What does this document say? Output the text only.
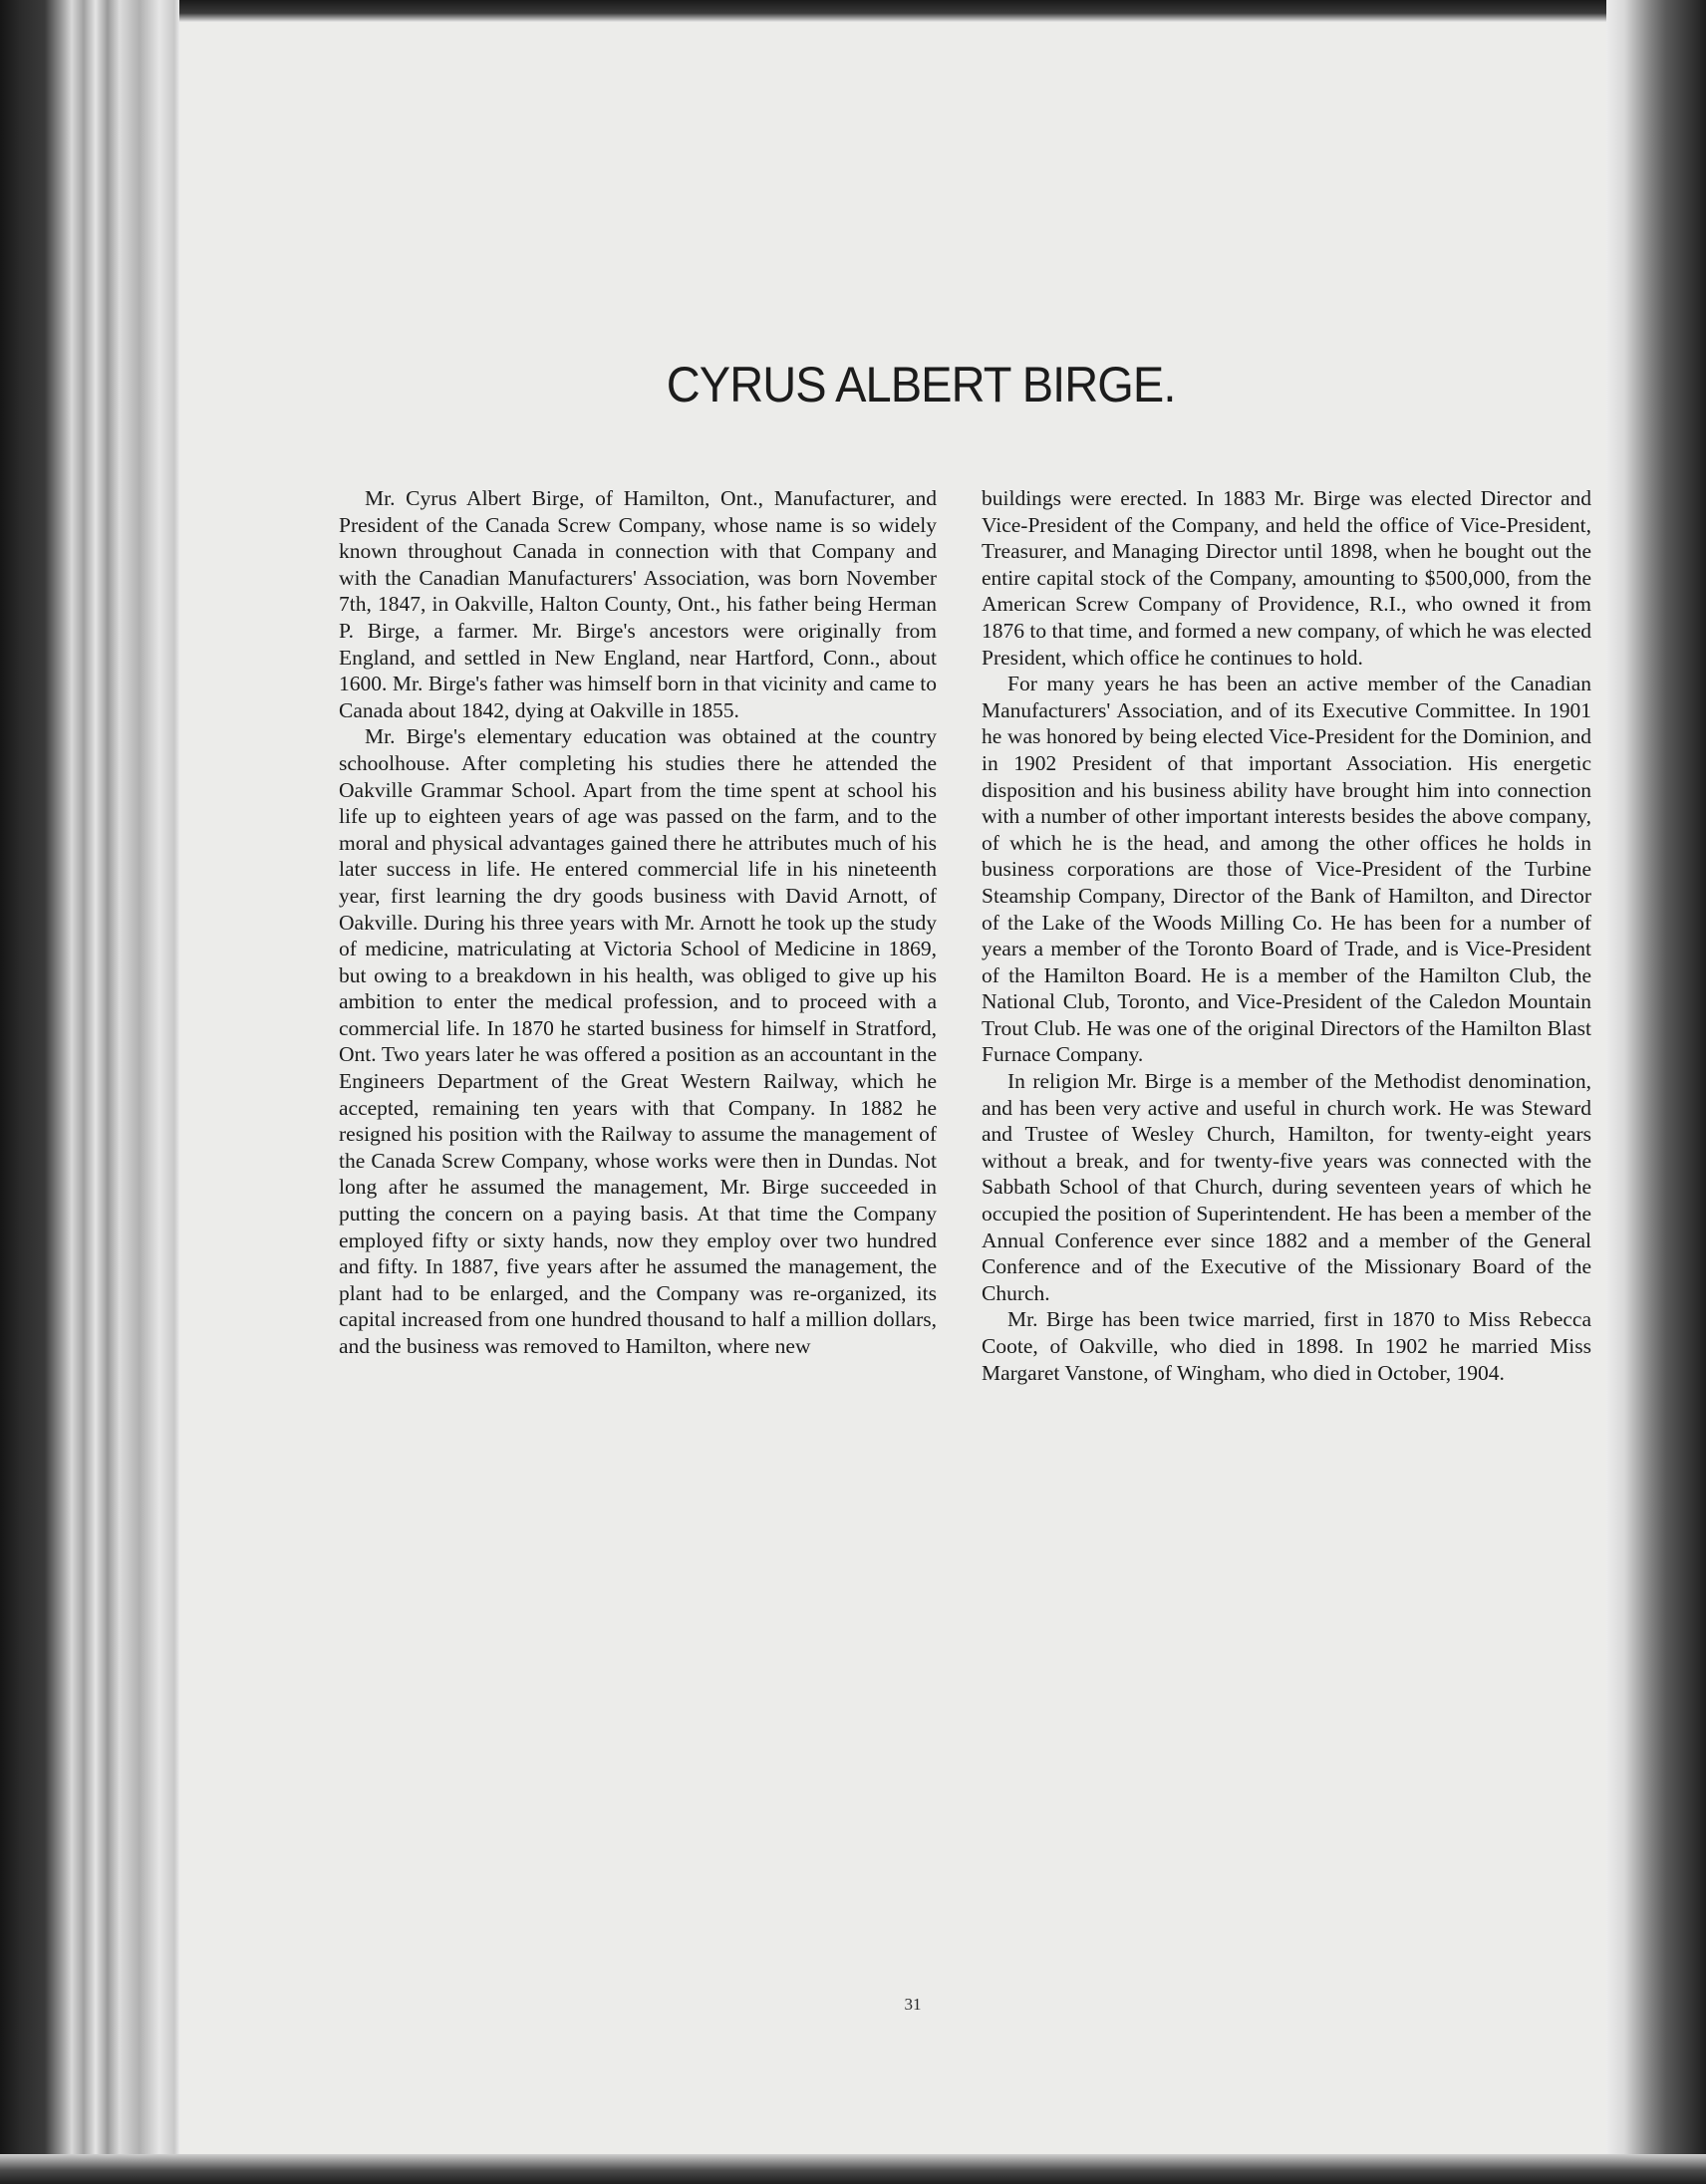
CYRUS ALBERT BIRGE.

Mr. Cyrus Albert Birge, of Hamilton, Ont., Manufacturer, and President of the Canada Screw Company, whose name is so widely known throughout Canada in connection with that Company and with the Canadian Manufacturers' Association, was born November 7th, 1847, in Oakville, Halton County, Ont., his father being Herman P. Birge, a farmer. Mr. Birge's ancestors were originally from England, and settled in New England, near Hartford, Conn., about 1600. Mr. Birge's father was himself born in that vicinity and came to Canada about 1842, dying at Oakville in 1855.

Mr. Birge's elementary education was obtained at the country schoolhouse. After completing his studies there he attended the Oakville Grammar School. Apart from the time spent at school his life up to eighteen years of age was passed on the farm, and to the moral and physical advantages gained there he attributes much of his later success in life. He entered commercial life in his nineteenth year, first learning the dry goods business with David Arnott, of Oakville. During his three years with Mr. Arnott he took up the study of medicine, matriculating at Victoria School of Medicine in 1869, but owing to a breakdown in his health, was obliged to give up his ambition to enter the medical profession, and to proceed with a commercial life. In 1870 he started business for himself in Stratford, Ont. Two years later he was offered a position as an accountant in the Engineers Department of the Great Western Railway, which he accepted, remaining ten years with that Company. In 1882 he resigned his position with the Railway to assume the management of the Canada Screw Company, whose works were then in Dundas. Not long after he assumed the management, Mr. Birge succeeded in putting the concern on a paying basis. At that time the Company employed fifty or sixty hands, now they employ over two hundred and fifty. In 1887, five years after he assumed the management, the plant had to be enlarged, and the Company was re-organized, its capital increased from one hundred thousand to half a million dollars, and the business was removed to Hamilton, where new

buildings were erected. In 1883 Mr. Birge was elected Director and Vice-President of the Company, and held the office of Vice-President, Treasurer, and Managing Director until 1898, when he bought out the entire capital stock of the Company, amounting to $500,000, from the American Screw Company of Providence, R.I., who owned it from 1876 to that time, and formed a new company, of which he was elected President, which office he continues to hold.

For many years he has been an active member of the Canadian Manufacturers' Association, and of its Executive Committee. In 1901 he was honored by being elected Vice-President for the Dominion, and in 1902 President of that important Association. His energetic disposition and his business ability have brought him into connection with a number of other important interests besides the above company, of which he is the head, and among the other offices he holds in business corporations are those of Vice-President of the Turbine Steamship Company, Director of the Bank of Hamilton, and Director of the Lake of the Woods Milling Co. He has been for a number of years a member of the Toronto Board of Trade, and is Vice-President of the Hamilton Board. He is a member of the Hamilton Club, the National Club, Toronto, and Vice-President of the Caledon Mountain Trout Club. He was one of the original Directors of the Hamilton Blast Furnace Company.

In religion Mr. Birge is a member of the Methodist denomination, and has been very active and useful in church work. He was Steward and Trustee of Wesley Church, Hamilton, for twenty-eight years without a break, and for twenty-five years was connected with the Sabbath School of that Church, during seventeen years of which he occupied the position of Superintendent. He has been a member of the Annual Conference ever since 1882 and a member of the General Conference and of the Executive of the Missionary Board of the Church.

Mr. Birge has been twice married, first in 1870 to Miss Rebecca Coote, of Oakville, who died in 1898. In 1902 he married Miss Margaret Vanstone, of Wingham, who died in October, 1904.

31
